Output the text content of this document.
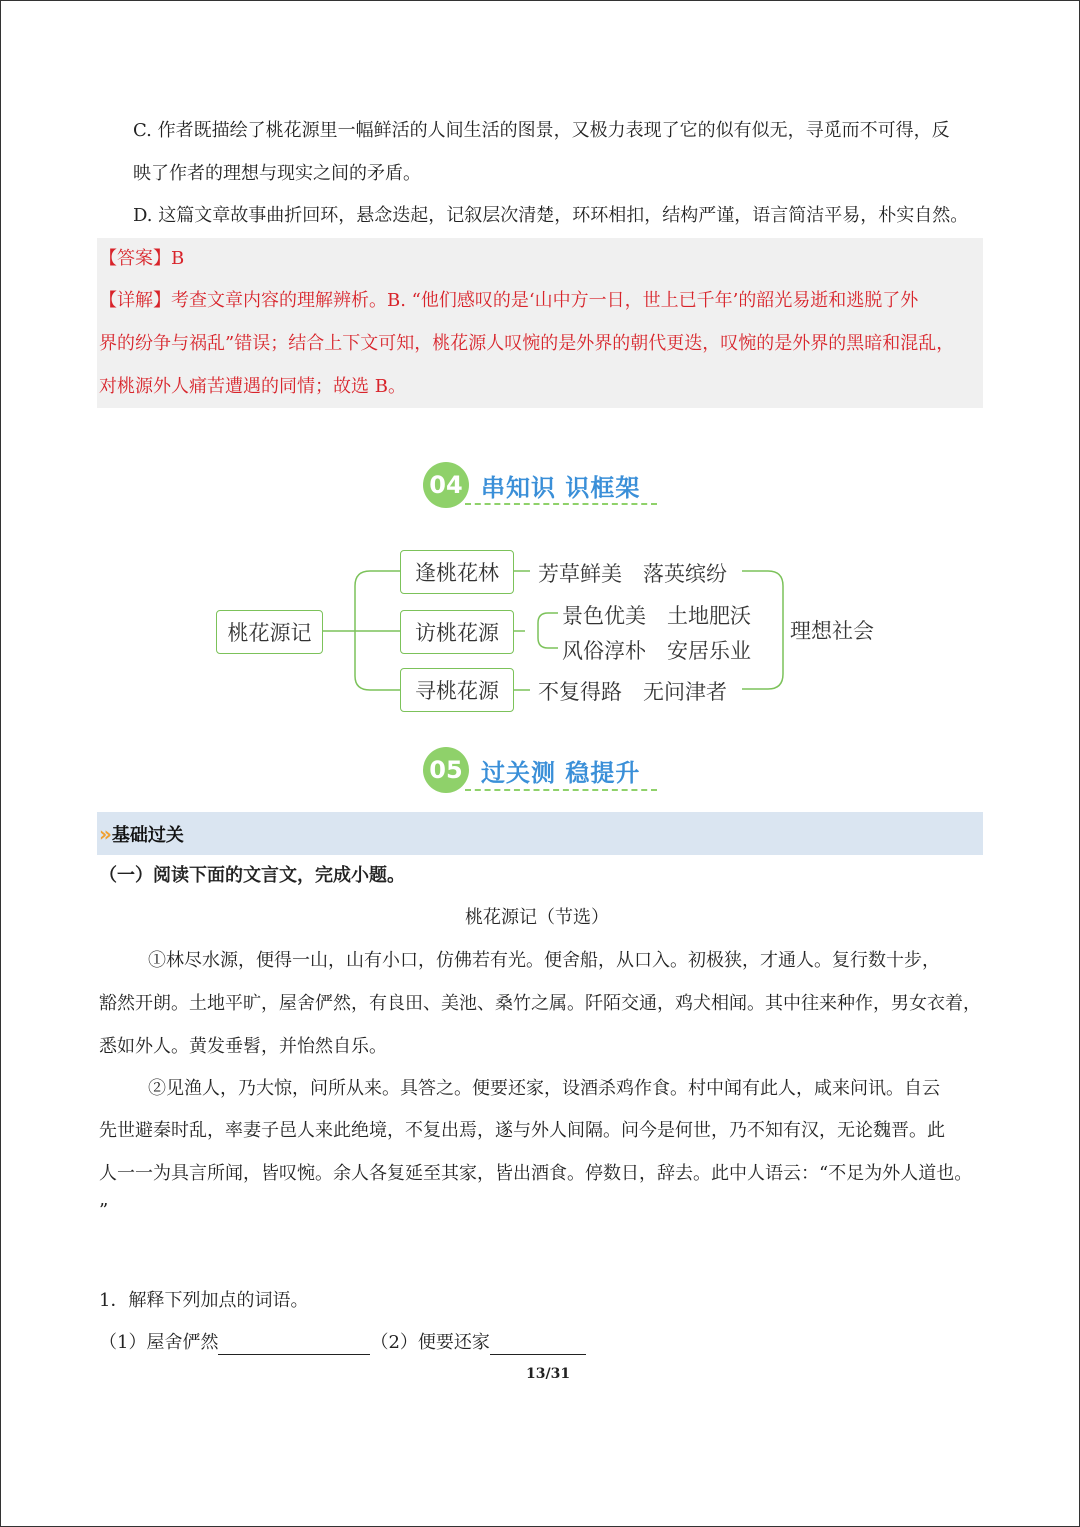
C. 作者既描绘了桃花源里一幅鲜活的人间生活的图景，又极力表现了它的似有似无，寻觅而不可得，反
映了作者的理想与现实之间的矛盾。
D. 这篇文章故事曲折回环，悬念迭起，记叙层次清楚，环环相扣，结构严谨，语言简洁平易，朴实自然。
【答案】B
【详解】考查文章内容的理解辨析。B. “他们感叹的是‘山中方一日，世上已千年’的韶光易逝和逃脱了外
界的纷争与祸乱”错误；结合上下文可知，桃花源人叹惋的是外界的朝代更迭，叹惋的是外界的黑暗和混乱，
对桃源外人痛苦遭遇的同情；故选 B。
04 串知识 识框架
桃花源记
逢桃花林
访桃花源
寻桃花源
芳草鲜美　落英缤纷
景色优美　土地肥沃
风俗淳朴　安居乐业
不复得路　无问津者
理想社会
05 过关测 稳提升
» 基础过关
（一）阅读下面的文言文，完成小题。
桃花源记（节选）
①林尽水源，便得一山，山有小口，仿佛若有光。便舍船，从口入。初极狭，才通人。复行数十步，
豁然开朗。土地平旷，屋舍俨然，有良田、美池、桑竹之属。阡陌交通，鸡犬相闻。其中往来种作，男女衣着，
悉如外人。黄发垂髫，并怡然自乐。
②见渔人，乃大惊，问所从来。具答之。便要还家，设酒杀鸡作食。村中闻有此人，咸来问讯。自云
先世避秦时乱，率妻子邑人来此绝境，不复出焉，遂与外人间隔。问今是何世，乃不知有汉，无论魏晋。此
人一一为具言所闻，皆叹惋。余人各复延至其家，皆出酒食。停数日，辞去。此中人语云：“不足为外人道也。
”
1．解释下列加点的词语。
（1）屋舍俨然	（2）便要还家
13/31
